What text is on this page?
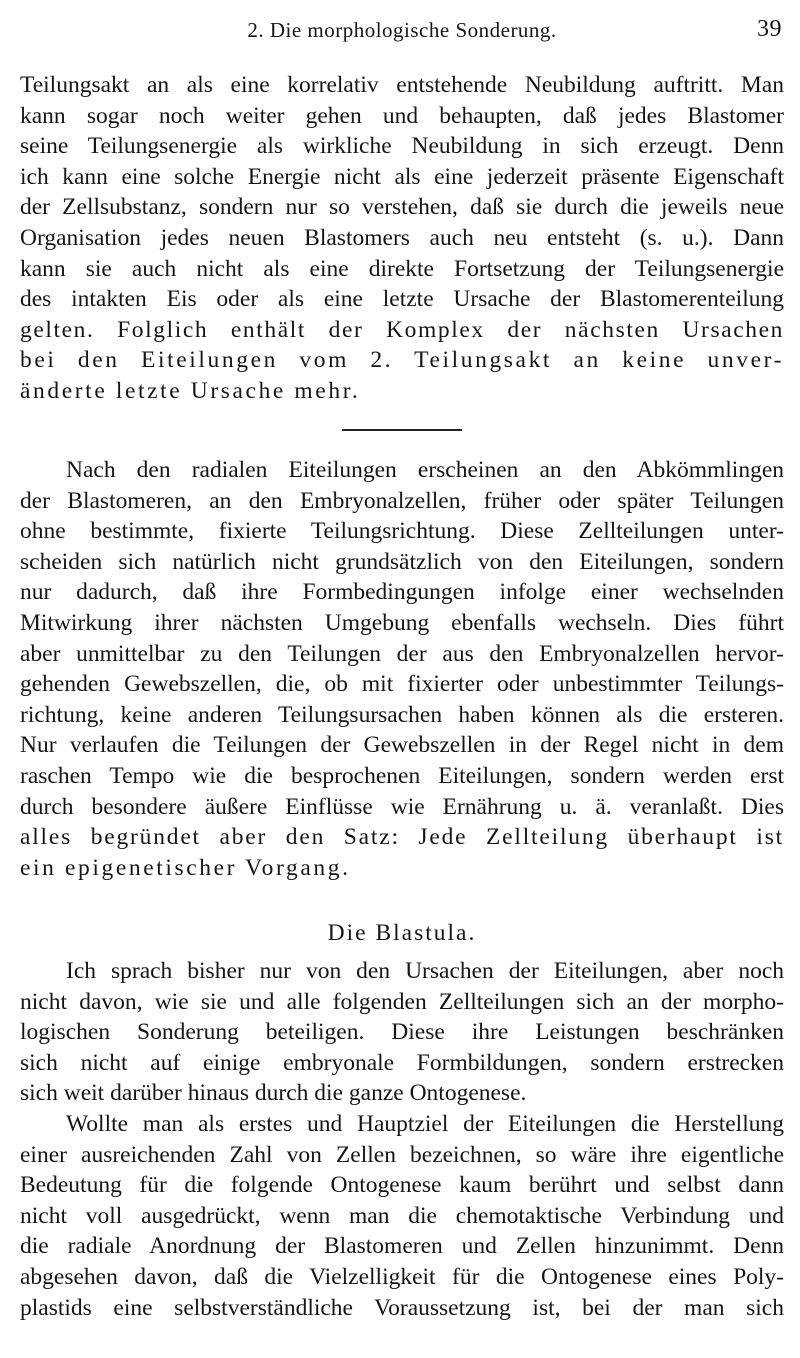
2. Die morphologische Sonderung.	39
Teilungsakt an als eine korrelativ entstehende Neubildung auftritt. Man
kann sogar noch weiter gehen und behaupten, daß jedes Blastomer
seine Teilungsenergie als wirkliche Neubildung in sich erzeugt. Denn
ich kann eine solche Energie nicht als eine jederzeit präsente Eigenschaft
der Zellsubstanz, sondern nur so verstehen, daß sie durch die jeweils neue
Organisation jedes neuen Blastomers auch neu entsteht (s. u.). Dann
kann sie auch nicht als eine direkte Fortsetzung der Teilungsenergie
des intakten Eis oder als eine letzte Ursache der Blastomerenteilung
gelten. Folglich enthält der Komplex der nächsten Ursachen
bei den Eiteilungen vom 2. Teilungsakt an keine unver-
änderte letzte Ursache mehr.
Nach den radialen Eiteilungen erscheinen an den Abkömmlingen
der Blastomeren, an den Embryonalzellen, früher oder später Teilungen
ohne bestimmte, fixierte Teilungsrichtung. Diese Zellteilungen unter-
scheiden sich natürlich nicht grundsätzlich von den Eiteilungen, sondern
nur dadurch, daß ihre Formbedingungen infolge einer wechselnden
Mitwirkung ihrer nächsten Umgebung ebenfalls wechseln. Dies führt
aber unmittelbar zu den Teilungen der aus den Embryonalzellen hervor-
gehenden Gewebszellen, die, ob mit fixierter oder unbestimmter Teilungs-
richtung, keine anderen Teilungsursachen haben können als die ersteren.
Nur verlaufen die Teilungen der Gewebszellen in der Regel nicht in dem
raschen Tempo wie die besprochenen Eiteilungen, sondern werden erst
durch besondere äußere Einflüsse wie Ernährung u. ä. veranlaßt. Dies
alles begründet aber den Satz: Jede Zellteilung überhaupt ist
ein epigenetischer Vorgang.
Die Blastula.
Ich sprach bisher nur von den Ursachen der Eiteilungen, aber noch
nicht davon, wie sie und alle folgenden Zellteilungen sich an der morpho-
logischen Sonderung beteiligen. Diese ihre Leistungen beschränken
sich nicht auf einige embryonale Formbildungen, sondern erstrecken
sich weit darüber hinaus durch die ganze Ontogenese.
Wollte man als erstes und Hauptziel der Eiteilungen die Herstellung
einer ausreichenden Zahl von Zellen bezeichnen, so wäre ihre eigentliche
Bedeutung für die folgende Ontogenese kaum berührt und selbst dann
nicht voll ausgedrückt, wenn man die chemotaktische Verbindung und
die radiale Anordnung der Blastomeren und Zellen hinzunimmt. Denn
abgesehen davon, daß die Vielzelligkeit für die Ontogenese eines Poly-
plastids eine selbstverständliche Voraussetzung ist, bei der man sich
